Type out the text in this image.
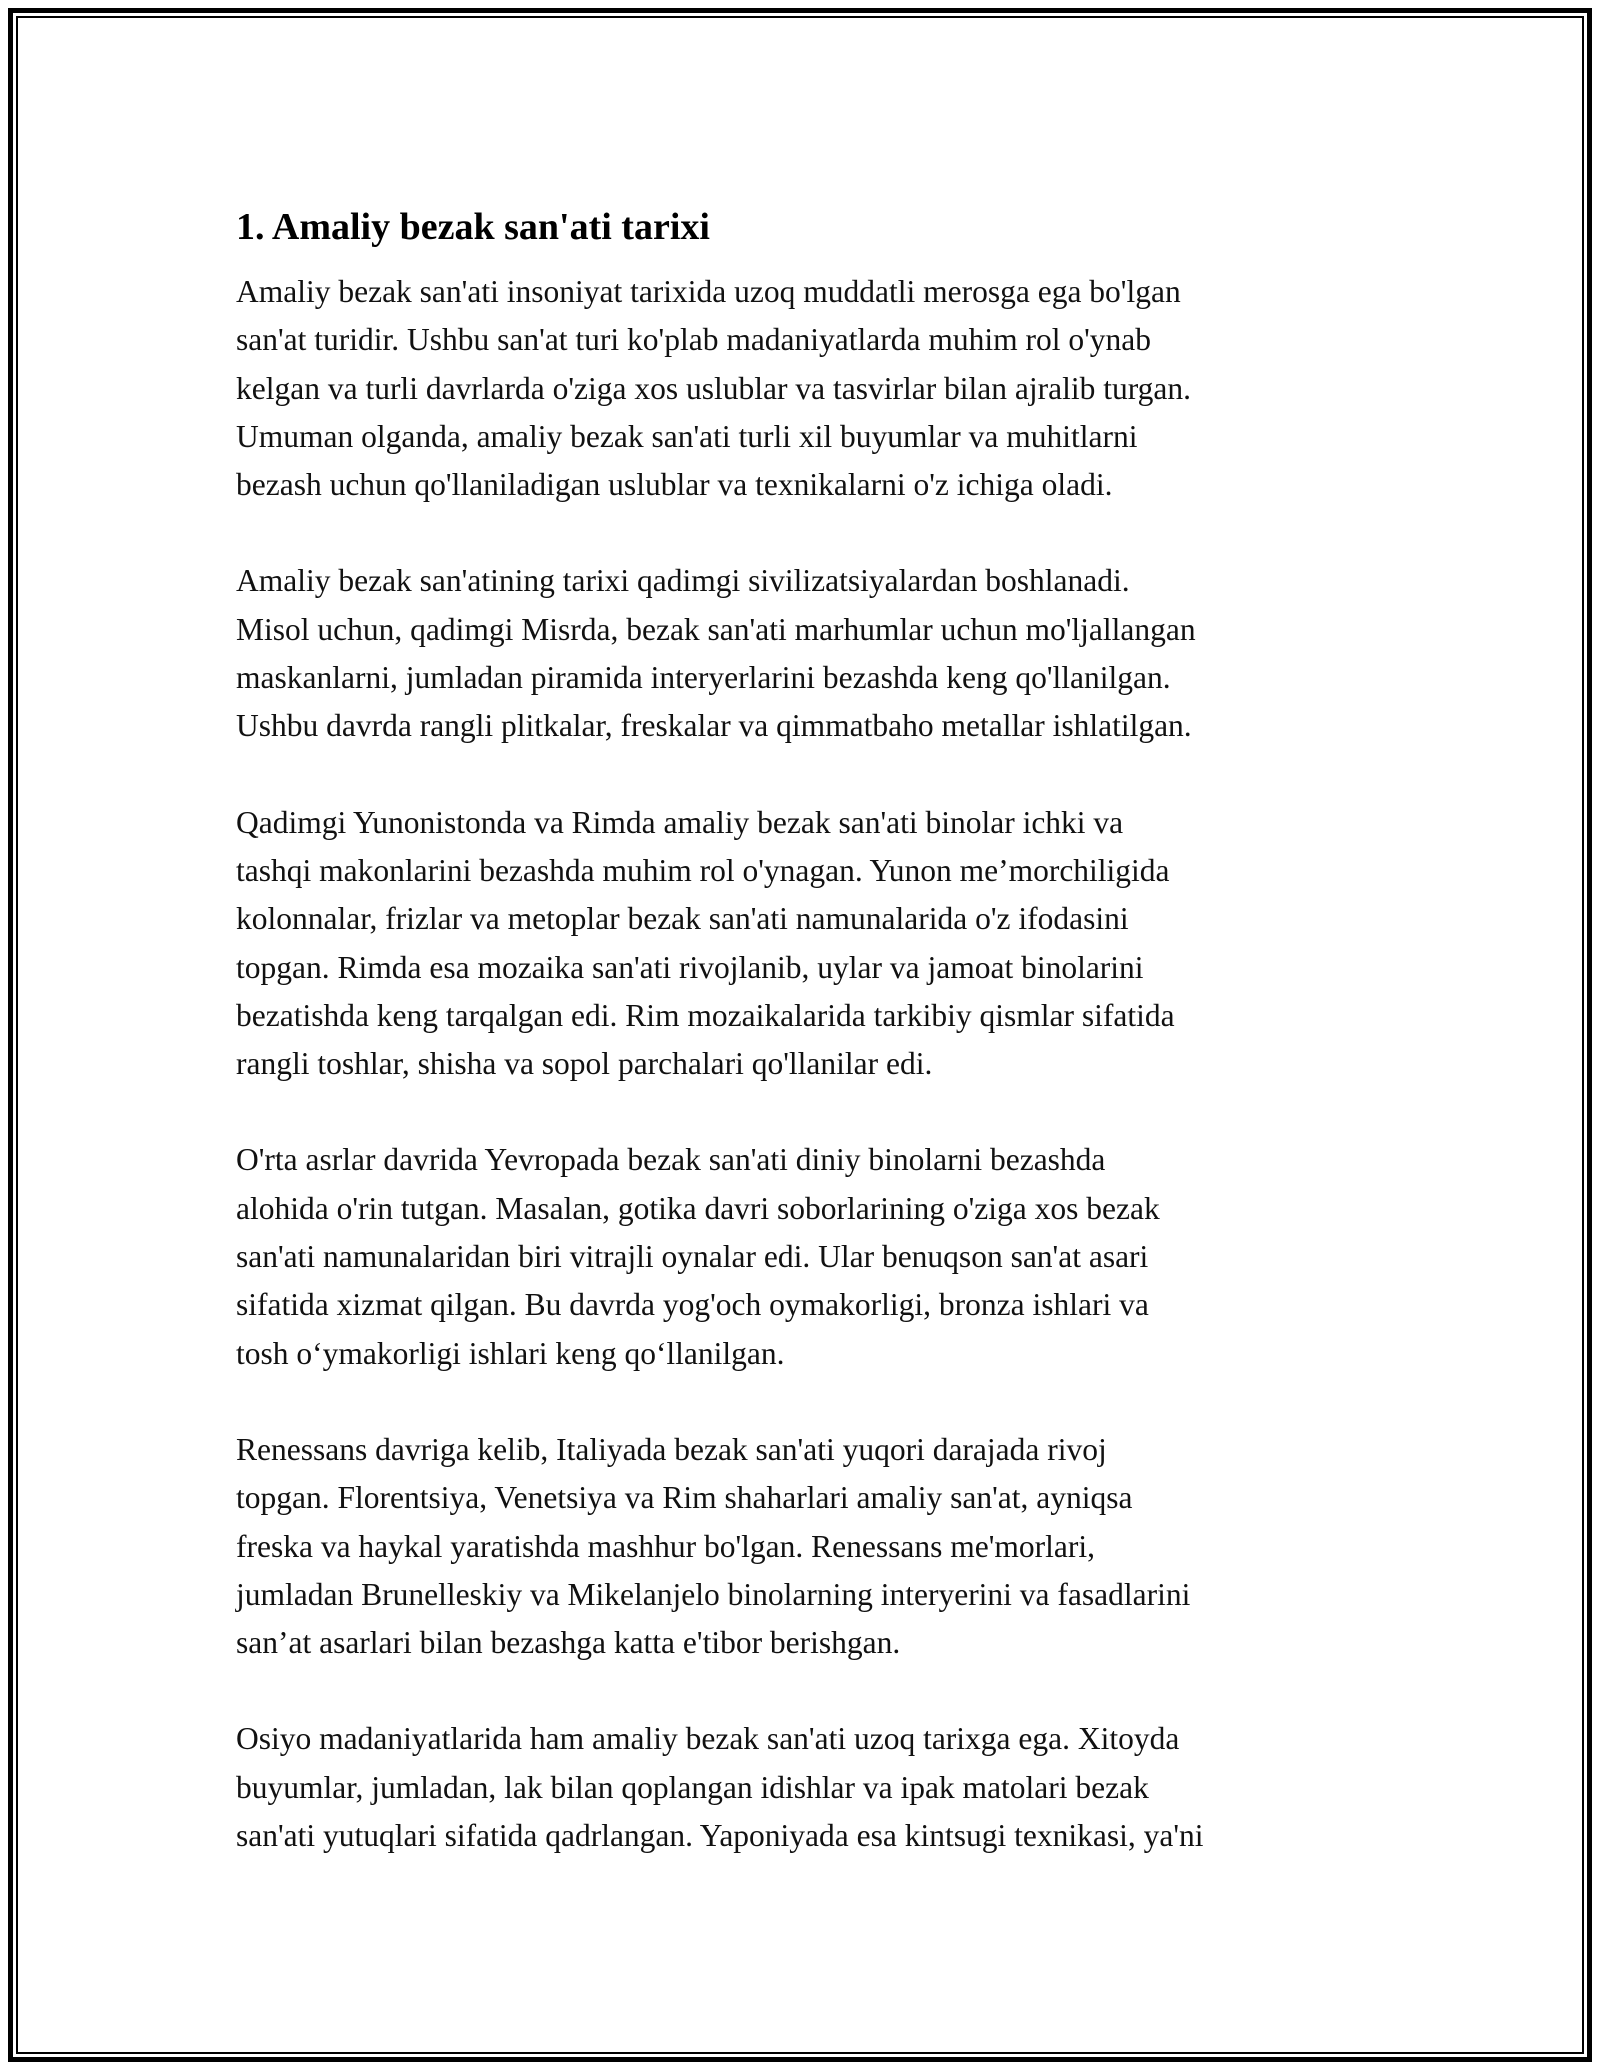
1. Amaliy bezak san'ati tarixi
Amaliy bezak san'ati insoniyat tarixida uzoq muddatli merosga ega bo'lgan
san'at turidir. Ushbu san'at turi ko'plab madaniyatlarda muhim rol o'ynab
kelgan va turli davrlarda o'ziga xos uslublar va tasvirlar bilan ajralib turgan.
Umuman olganda, amaliy bezak san'ati turli xil buyumlar va muhitlarni
bezash uchun qo'llaniladigan uslublar va texnikalarni o'z ichiga oladi.
Amaliy bezak san'atining tarixi qadimgi sivilizatsiyalardan boshlanadi.
Misol uchun, qadimgi Misrda, bezak san'ati marhumlar uchun mo'ljallangan
maskanlarni, jumladan piramida interyerlarini bezashda keng qo'llanilgan.
Ushbu davrda rangli plitkalar, freskalar va qimmatbaho metallar ishlatilgan.
Qadimgi Yunonistonda va Rimda amaliy bezak san'ati binolar ichki va
tashqi makonlarini bezashda muhim rol o'ynagan. Yunon me’morchiligida
kolonnalar, frizlar va metoplar bezak san'ati namunalarida o'z ifodasini
topgan. Rimda esa mozaika san'ati rivojlanib, uylar va jamoat binolarini
bezatishda keng tarqalgan edi. Rim mozaikalarida tarkibiy qismlar sifatida
rangli toshlar, shisha va sopol parchalari qo'llanilar edi.
O'rta asrlar davrida Yevropada bezak san'ati diniy binolarni bezashda
alohida o'rin tutgan. Masalan, gotika davri soborlarining o'ziga xos bezak
san'ati namunalaridan biri vitrajli oynalar edi. Ular benuqson san'at asari
sifatida xizmat qilgan. Bu davrda yog'och oymakorligi, bronza ishlari va
tosh o‘ymakorligi ishlari keng qo‘llanilgan.
Renessans davriga kelib, Italiyada bezak san'ati yuqori darajada rivoj
topgan. Florentsiya, Venetsiya va Rim shaharlari amaliy san'at, ayniqsa
freska va haykal yaratishda mashhur bo'lgan. Renessans me'morlari,
jumladan Brunelleskiy va Mikelanjelo binolarning interyerini va fasadlarini
san’at asarlari bilan bezashga katta e'tibor berishgan.
Osiyo madaniyatlarida ham amaliy bezak san'ati uzoq tarixga ega. Xitoyda
buyumlar, jumladan, lak bilan qoplangan idishlar va ipak matolari bezak
san'ati yutuqlari sifatida qadrlangan. Yaponiyada esa kintsugi texnikasi, ya'ni
